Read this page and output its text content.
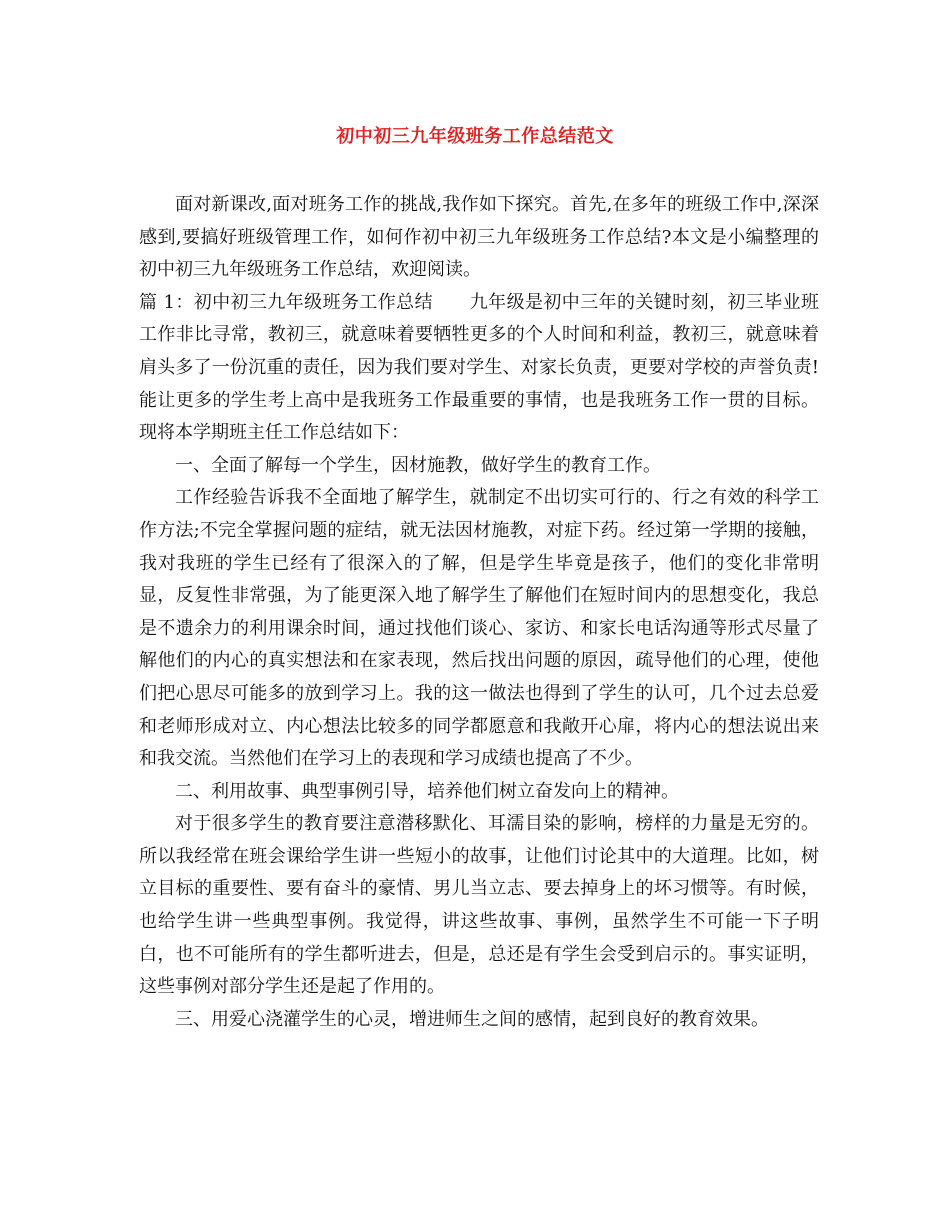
初中初三九年级班务工作总结范文

面对新课改,面对班务工作的挑战,我作如下探究。首先,在多年的班级工作中,深深感到,要搞好班级管理工作，如何作初中初三九年级班务工作总结?本文是小编整理的初中初三九年级班务工作总结，欢迎阅读。

篇 1：初中初三九年级班务工作总结　　九年级是初中三年的关键时刻，初三毕业班工作非比寻常，教初三，就意味着要牺牲更多的个人时间和利益，教初三，就意味着肩头多了一份沉重的责任，因为我们要对学生、对家长负责，更要对学校的声誉负责!能让更多的学生考上高中是我班务工作最重要的事情，也是我班务工作一贯的目标。现将本学期班主任工作总结如下：

一、全面了解每一个学生，因材施教，做好学生的教育工作。

工作经验告诉我不全面地了解学生，就制定不出切实可行的、行之有效的科学工作方法;不完全掌握问题的症结，就无法因材施教，对症下药。经过第一学期的接触，我对我班的学生已经有了很深入的了解，但是学生毕竟是孩子，他们的变化非常明显，反复性非常强，为了能更深入地了解学生了解他们在短时间内的思想变化，我总是不遗余力的利用课余时间，通过找他们谈心、家访、和家长电话沟通等形式尽量了解他们的内心的真实想法和在家表现，然后找出问题的原因，疏导他们的心理，使他们把心思尽可能多的放到学习上。我的这一做法也得到了学生的认可，几个过去总爱和老师形成对立、内心想法比较多的同学都愿意和我敞开心扉，将内心的想法说出来和我交流。当然他们在学习上的表现和学习成绩也提高了不少。

二、利用故事、典型事例引导，培养他们树立奋发向上的精神。

对于很多学生的教育要注意潜移默化、耳濡目染的影响，榜样的力量是无穷的。所以我经常在班会课给学生讲一些短小的故事，让他们讨论其中的大道理。比如，树立目标的重要性、要有奋斗的豪情、男儿当立志、要去掉身上的坏习惯等。有时候，也给学生讲一些典型事例。我觉得，讲这些故事、事例，虽然学生不可能一下子明白，也不可能所有的学生都听进去，但是，总还是有学生会受到启示的。事实证明，这些事例对部分学生还是起了作用的。

三、用爱心浇灌学生的心灵，增进师生之间的感情，起到良好的教育效果。
